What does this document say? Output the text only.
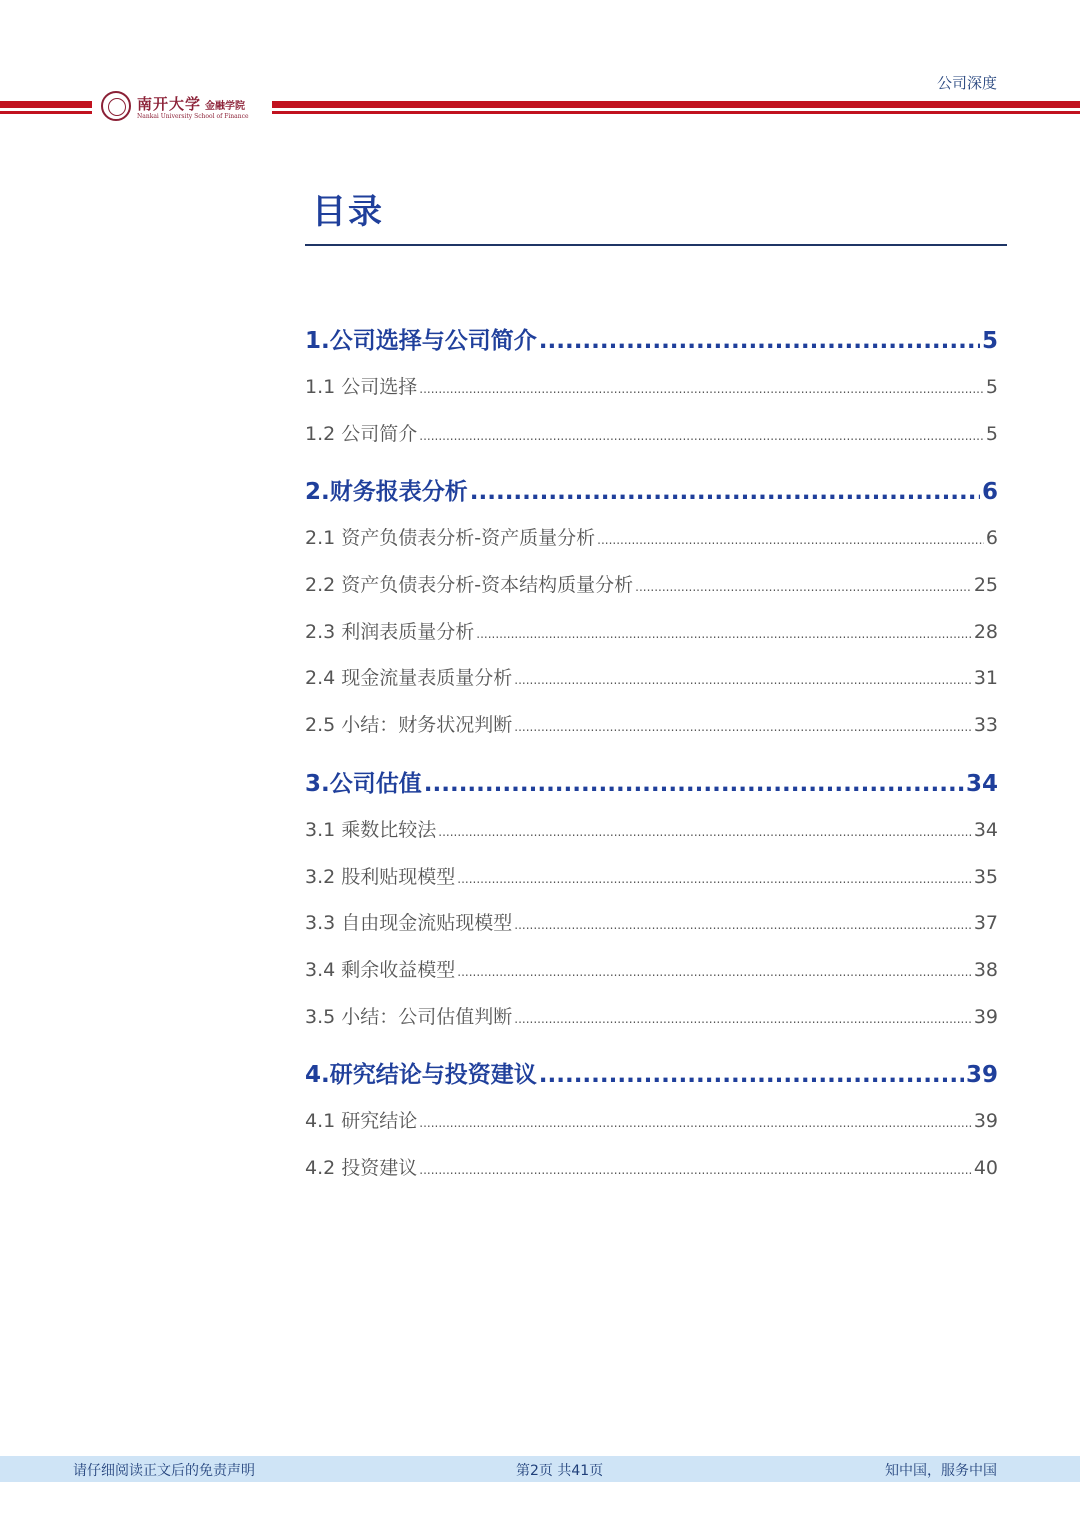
公司深度
南开大学 金融学院
Nankai University School of Finance
目录
1.公司选择与公司简介 .....	5
1.1 公司选择 .....	5
1.2 公司简介 .....	5
2.财务报表分析 .....	6
2.1 资产负债表分析-资产质量分析 .....	6
2.2 资产负债表分析-资本结构质量分析 .....	25
2.3 利润表质量分析 .....	28
2.4 现金流量表质量分析 .....	31
2.5 小结：财务状况判断 .....	33
3.公司估值 .....	34
3.1 乘数比较法 .....	34
3.2 股利贴现模型 .....	35
3.3 自由现金流贴现模型 .....	37
3.4 剩余收益模型 .....	38
3.5 小结：公司估值判断 .....	39
4.研究结论与投资建议 .....	39
4.1 研究结论 .....	39
4.2 投资建议 .....	40
请仔细阅读正文后的免责声明	第2页 共41页	知中国，服务中国
